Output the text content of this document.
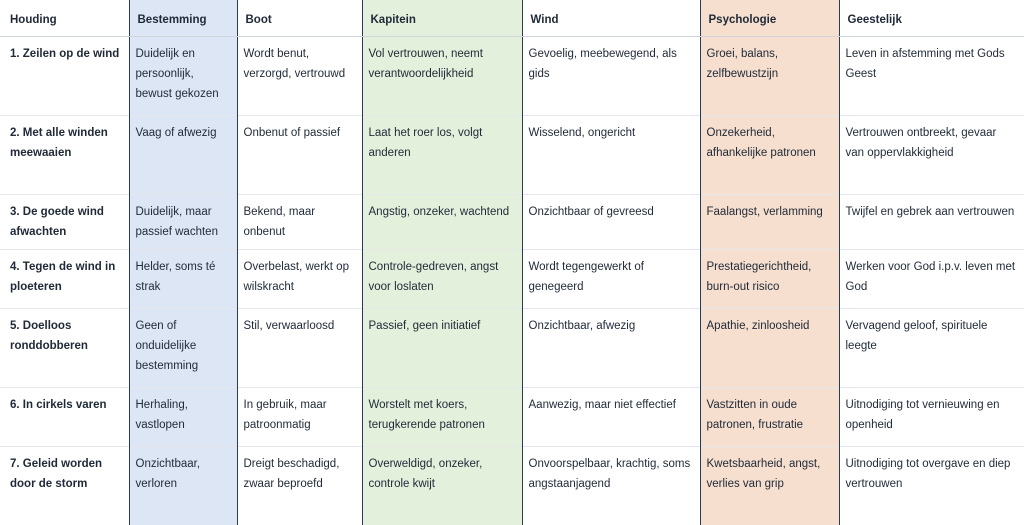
Houding	Bestemming	Boot	Kapitein	Wind	Psychologie	Geestelijk
1. Zeilen op de wind	Duidelijk en persoonlijk, bewust gekozen	Wordt benut, verzorgd, vertrouwd	Vol vertrouwen, neemt verantwoordelijkheid	Gevoelig, meebewegend, als gids	Groei, balans, zelfbewustzijn	Leven in afstemming met Gods Geest
2. Met alle winden meewaaien	Vaag of afwezig	Onbenut of passief	Laat het roer los, volgt anderen	Wisselend, ongericht	Onzekerheid, afhankelijke patronen	Vertrouwen ontbreekt, gevaar van oppervlakkigheid
3. De goede wind afwachten	Duidelijk, maar passief wachten	Bekend, maar onbenut	Angstig, onzeker, wachtend	Onzichtbaar of gevreesd	Faalangst, verlamming	Twijfel en gebrek aan vertrouwen
4. Tegen de wind in ploeteren	Helder, soms té strak	Overbelast, werkt op wilskracht	Controle-gedreven, angst voor loslaten	Wordt tegengewerkt of genegeerd	Prestatiegerichtheid, burn-out risico	Werken voor God i.p.v. leven met God
5. Doelloos ronddobberen	Geen of onduidelijke bestemming	Stil, verwaarloosd	Passief, geen initiatief	Onzichtbaar, afwezig	Apathie, zinloosheid	Vervagend geloof, spirituele leegte
6. In cirkels varen	Herhaling, vastlopen	In gebruik, maar patroonmatig	Worstelt met koers, terugkerende patronen	Aanwezig, maar niet effectief	Vastzitten in oude patronen, frustratie	Uitnodiging tot vernieuwing en openheid
7. Geleid worden door de storm	Onzichtbaar, verloren	Dreigt beschadigd, zwaar beproefd	Overweldigd, onzeker, controle kwijt	Onvoorspelbaar, krachtig, soms angstaanjagend	Kwetsbaarheid, angst, verlies van grip	Uitnodiging tot overgave en diep vertrouwen
